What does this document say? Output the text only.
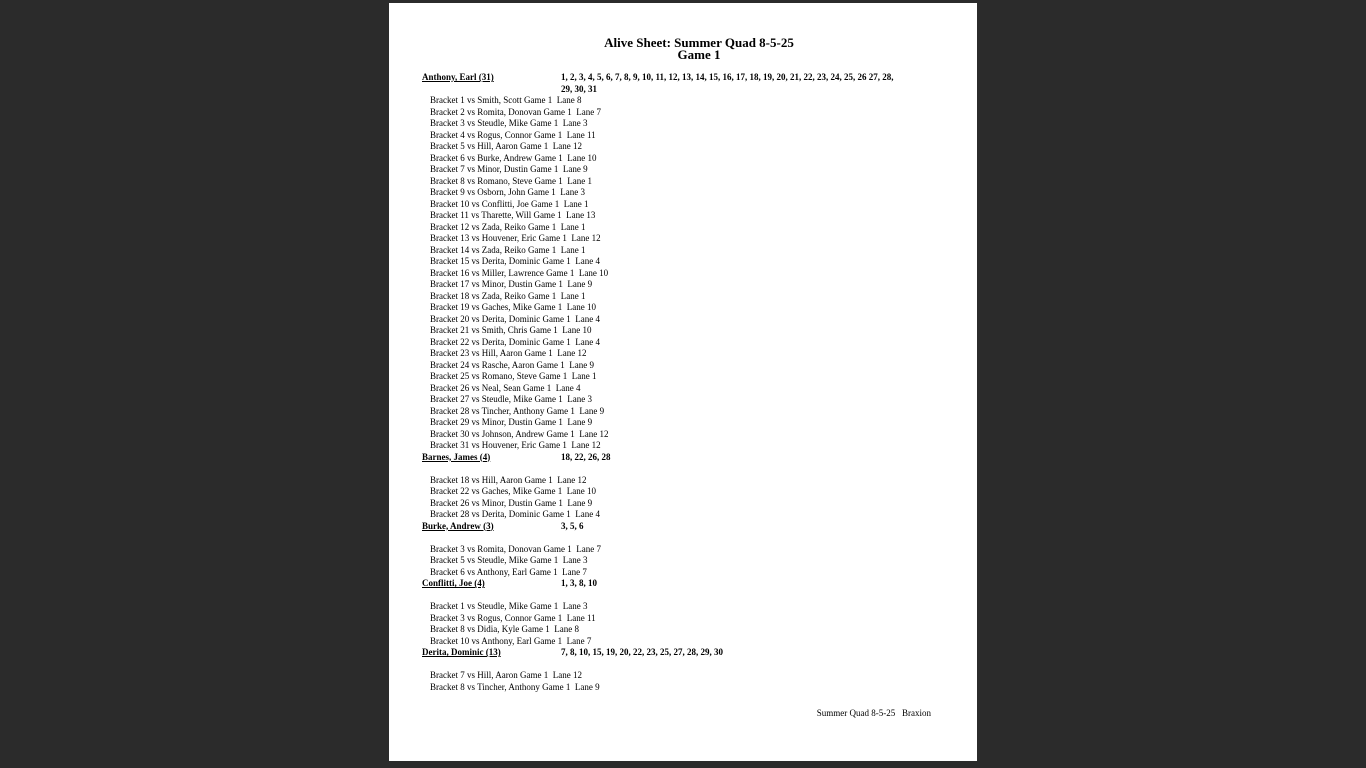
Alive Sheet: Summer Quad 8-5-25
Game 1
Anthony, Earl (31)	1, 2, 3, 4, 5, 6, 7, 8, 9, 10, 11, 12, 13, 14, 15, 16, 17, 18, 19, 20, 21, 22, 23, 24, 25, 26 27, 28, 29, 30, 31
Bracket 1 vs Smith, Scott Game 1  Lane 8
Bracket 2 vs Romita, Donovan Game 1  Lane 7
Bracket 3 vs Steudle, Mike Game 1  Lane 3
Bracket 4 vs Rogus, Connor Game 1  Lane 11
Bracket 5 vs Hill, Aaron Game 1  Lane 12
Bracket 6 vs Burke, Andrew Game 1  Lane 10
Bracket 7 vs Minor, Dustin Game 1  Lane 9
Bracket 8 vs Romano, Steve Game 1  Lane 1
Bracket 9 vs Osborn, John Game 1  Lane 3
Bracket 10 vs Conflitti, Joe Game 1  Lane 1
Bracket 11 vs Tharette, Will Game 1  Lane 13
Bracket 12 vs Zada, Reiko Game 1  Lane 1
Bracket 13 vs Houvener, Eric Game 1  Lane 12
Bracket 14 vs Zada, Reiko Game 1  Lane 1
Bracket 15 vs Derita, Dominic Game 1  Lane 4
Bracket 16 vs Miller, Lawrence Game 1  Lane 10
Bracket 17 vs Minor, Dustin Game 1  Lane 9
Bracket 18 vs Zada, Reiko Game 1  Lane 1
Bracket 19 vs Gaches, Mike Game 1  Lane 10
Bracket 20 vs Derita, Dominic Game 1  Lane 4
Bracket 21 vs Smith, Chris Game 1  Lane 10
Bracket 22 vs Derita, Dominic Game 1  Lane 4
Bracket 23 vs Hill, Aaron Game 1  Lane 12
Bracket 24 vs Rasche, Aaron Game 1  Lane 9
Bracket 25 vs Romano, Steve Game 1  Lane 1
Bracket 26 vs Neal, Sean Game 1  Lane 4
Bracket 27 vs Steudle, Mike Game 1  Lane 3
Bracket 28 vs Tincher, Anthony Game 1  Lane 9
Bracket 29 vs Minor, Dustin Game 1  Lane 9
Bracket 30 vs Johnson, Andrew Game 1  Lane 12
Bracket 31 vs Houvener, Eric Game 1  Lane 12
Barnes, James (4)	18, 22, 26, 28
Bracket 18 vs Hill, Aaron Game 1  Lane 12
Bracket 22 vs Gaches, Mike Game 1  Lane 10
Bracket 26 vs Minor, Dustin Game 1  Lane 9
Bracket 28 vs Derita, Dominic Game 1  Lane 4
Burke, Andrew (3)	3, 5, 6
Bracket 3 vs Romita, Donovan Game 1  Lane 7
Bracket 5 vs Steudle, Mike Game 1  Lane 3
Bracket 6 vs Anthony, Earl Game 1  Lane 7
Conflitti, Joe (4)	1, 3, 8, 10
Bracket 1 vs Steudle, Mike Game 1  Lane 3
Bracket 3 vs Rogus, Connor Game 1  Lane 11
Bracket 8 vs Didia, Kyle Game 1  Lane 8
Bracket 10 vs Anthony, Earl Game 1  Lane 7
Derita, Dominic (13)	7, 8, 10, 15, 19, 20, 22, 23, 25, 27, 28, 29, 30
Bracket 7 vs Hill, Aaron Game 1  Lane 12
Bracket 8 vs Tincher, Anthony Game 1  Lane 9
Summer Quad 8-5-25   Braxion
